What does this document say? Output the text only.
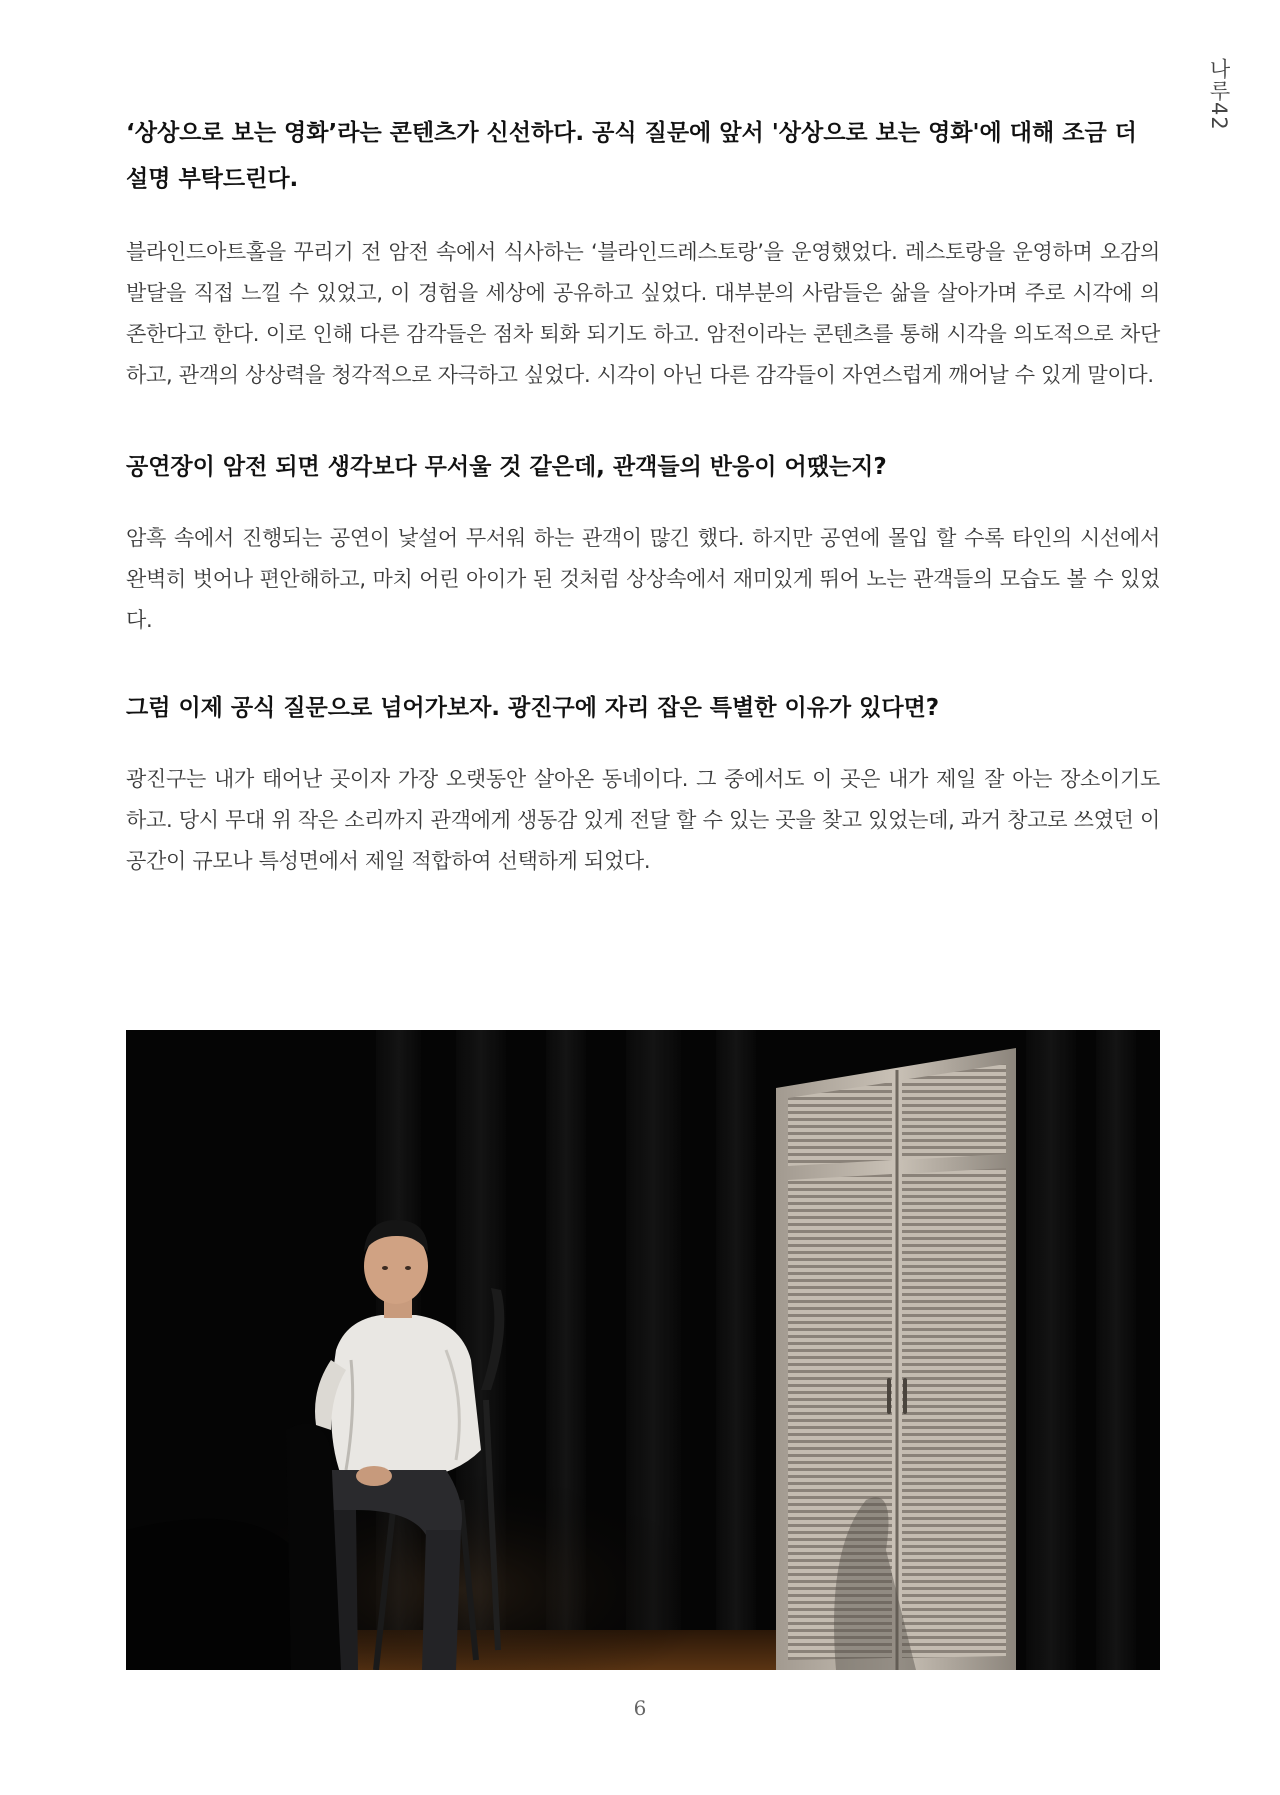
나루42

‘상상으로 보는 영화’라는 콘텐츠가 신선하다. 공식 질문에 앞서 '상상으로 보는 영화'에 대해 조금 더 설명 부탁드린다.

블라인드아트홀을 꾸리기 전 암전 속에서 식사하는 ‘블라인드레스토랑’을 운영했었다. 레스토랑을 운영하며 오감의 발달을 직접 느낄 수 있었고, 이 경험을 세상에 공유하고 싶었다. 대부분의 사람들은 삶을 살아가며 주로 시각에 의존한다고 한다. 이로 인해 다른 감각들은 점차 퇴화 되기도 하고. 암전이라는 콘텐츠를 통해 시각을 의도적으로 차단하고, 관객의 상상력을 청각적으로 자극하고 싶었다. 시각이 아닌 다른 감각들이 자연스럽게 깨어날 수 있게 말이다.

공연장이 암전 되면 생각보다 무서울 것 같은데, 관객들의 반응이 어땠는지?

암흑 속에서 진행되는 공연이 낯설어 무서워 하는 관객이 많긴 했다. 하지만 공연에 몰입 할 수록 타인의 시선에서 완벽히 벗어나 편안해하고, 마치 어린 아이가 된 것처럼 상상속에서 재미있게 뛰어 노는 관객들의 모습도 볼 수 있었다.

그럼 이제 공식 질문으로 넘어가보자. 광진구에 자리 잡은 특별한 이유가 있다면?

광진구는 내가 태어난 곳이자 가장 오랫동안 살아온 동네이다. 그 중에서도 이 곳은 내가 제일 잘 아는 장소이기도 하고. 당시 무대 위 작은 소리까지 관객에게 생동감 있게 전달 할 수 있는 곳을 찾고 있었는데, 과거 창고로 쓰였던 이 공간이 규모나 특성면에서 제일 적합하여 선택하게 되었다.

6
